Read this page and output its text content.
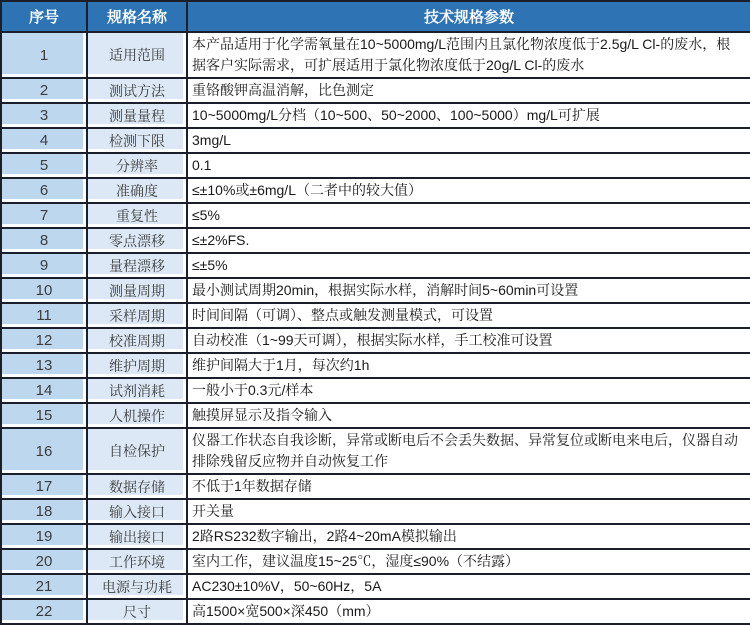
序号	规格名称	技术规格参数
1	适用范围	本产品适用于化学需氧量在10~5000mg/L范围内且氯化物浓度低于2.5g/L Cl-的废水，根据客户实际需求，可扩展适用于氯化物浓度低于20g/L Cl-的废水
2	测试方法	重铬酸钾高温消解，比色测定
3	测量量程	10~5000mg/L分档（10~500、50~2000、100~5000）mg/L可扩展
4	检测下限	3mg/L
5	分辨率	0.1
6	准确度	≤±10%或±6mg/L（二者中的较大值）
7	重复性	≤5%
8	零点漂移	≤±2%FS.
9	量程漂移	≤±5%
10	测量周期	最小测试周期20min，根据实际水样，消解时间5~60min可设置
11	采样周期	时间间隔（可调）、整点或触发测量模式，可设置
12	校准周期	自动校准（1~99天可调），根据实际水样，手工校准可设置
13	维护周期	维护间隔大于1月，每次约1h
14	试剂消耗	一般小于0.3元/样本
15	人机操作	触摸屏显示及指令输入
16	自检保护	仪器工作状态自我诊断，异常或断电后不会丢失数据、异常复位或断电来电后，仪器自动排除残留反应物并自动恢复工作
17	数据存储	不低于1年数据存储
18	输入接口	开关量
19	输出接口	2路RS232数字输出，2路4~20mA模拟输出
20	工作环境	室内工作，建议温度15~25℃，湿度≤90%（不结露）
21	电源与功耗	AC230±10%V，50~60Hz，5A
22	尺寸	高1500×宽500×深450（mm）
